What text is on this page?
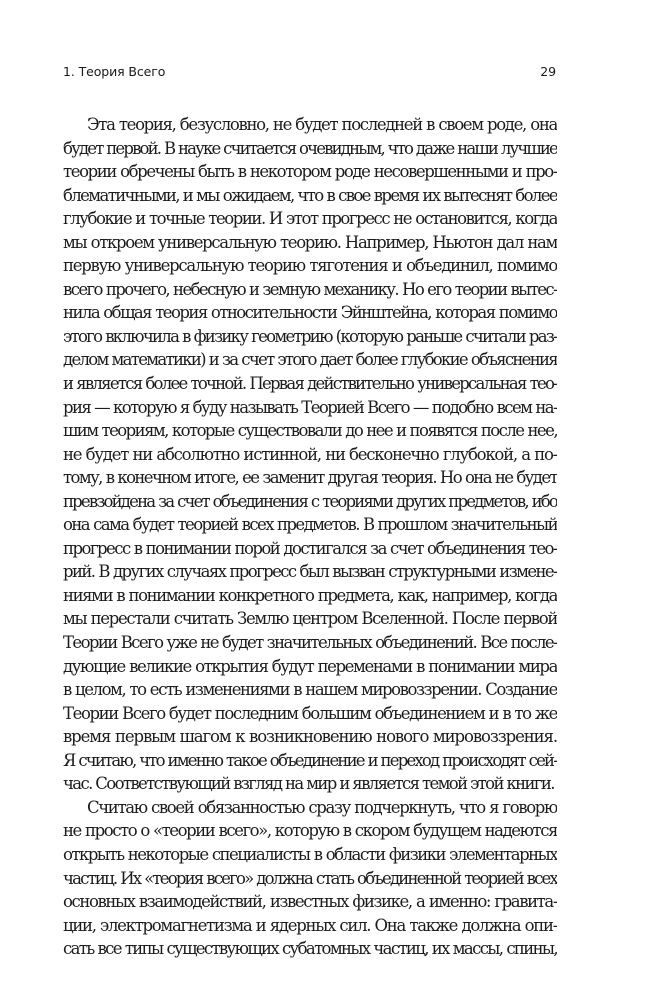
1. Теория Всего	29
Эта теория, безусловно, не будет последней в своем роде, она
будет первой. В науке считается очевидным, что даже наши лучшие
теории обречены быть в некотором роде несовершенными и про-
блематичными, и мы ожидаем, что в свое время их вытеснят более
глубокие и точные теории. И этот прогресс не остановится, когда
мы откроем универсальную теорию. Например, Ньютон дал нам
первую универсальную теорию тяготения и объединил, помимо
всего прочего, небесную и земную механику. Но его теории вытес-
нила общая теория относительности Эйнштейна, которая помимо
этого включила в физику геометрию (которую раньше считали раз-
делом математики) и за счет этого дает более глубокие объяснения
и является более точной. Первая действительно универсальная тео-
рия — которую я буду называть Теорией Всего — подобно всем на-
шим теориям, которые существовали до нее и появятся после нее,
не будет ни абсолютно истинной, ни бесконечно глубокой, а по-
тому, в конечном итоге, ее заменит другая теория. Но она не будет
превзойдена за счет объединения с теориями других предметов, ибо
она сама будет теорией всех предметов. В прошлом значительный
прогресс в понимании порой достигался за счет объединения тео-
рий. В других случаях прогресс был вызван структурными измене-
ниями в понимании конкретного предмета, как, например, когда
мы перестали считать Землю центром Вселенной. После первой
Теории Всего уже не будет значительных объединений. Все после-
дующие великие открытия будут переменами в понимании мира
в целом, то есть изменениями в нашем мировоззрении. Создание
Теории Всего будет последним большим объединением и в то же
время первым шагом к возникновению нового мировоззрения.
Я считаю, что именно такое объединение и переход происходят сей-
час. Соответствующий взгляд на мир и является темой этой книги.
Считаю своей обязанностью сразу подчеркнуть, что я говорю
не просто о «теории всего», которую в скором будущем надеются
открыть некоторые специалисты в области физики элементарных
частиц. Их «теория всего» должна стать объединенной теорией всех
основных взаимодействий, известных физике, а именно: гравита-
ции, электромагнетизма и ядерных сил. Она также должна опи-
сать все типы существующих субатомных частиц, их массы, спины,
